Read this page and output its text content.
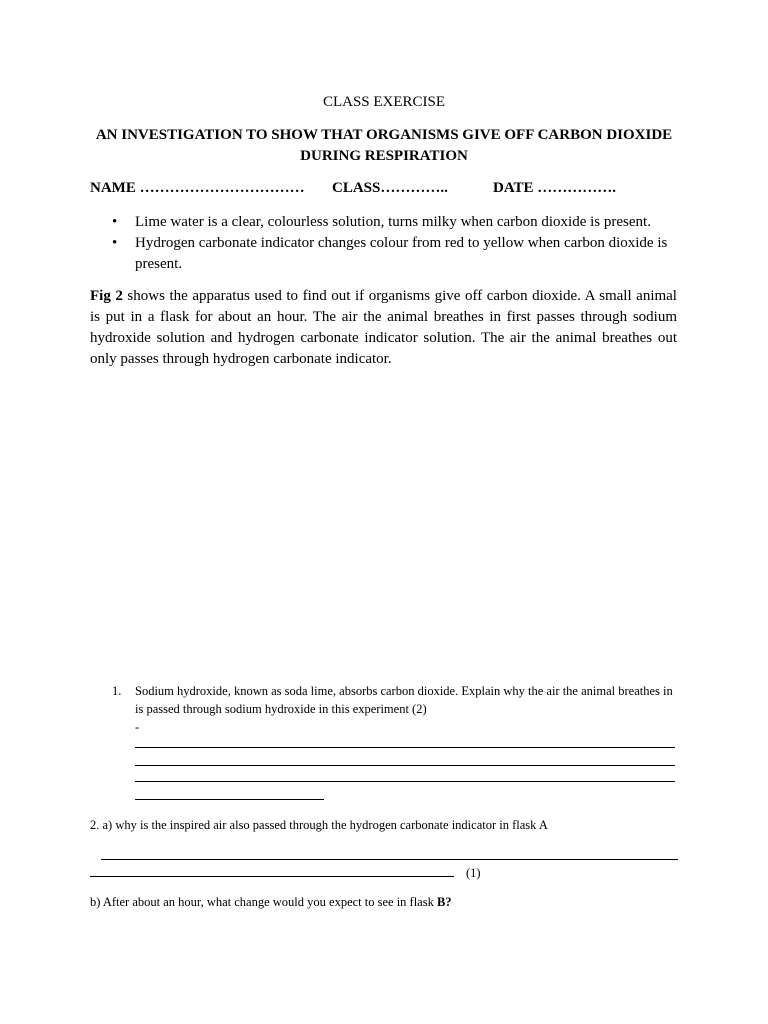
CLASS EXERCISE
AN INVESTIGATION TO SHOW THAT ORGANISMS GIVE OFF CARBON DIOXIDE
DURING RESPIRATION
NAME …………………………… CLASS…………..	DATE …………….
• Lime water is a clear, colourless solution, turns milky when carbon dioxide is present.
• Hydrogen carbonate indicator changes colour from red to yellow when carbon dioxide is present.
Fig 2 shows the apparatus used to find out if organisms give off carbon dioxide. A small animal is put in a flask for about an hour. The air the animal breathes in first passes through sodium hydroxide solution and hydrogen carbonate indicator solution. The air the animal breathes out only passes through hydrogen carbonate indicator.
1. Sodium hydroxide, known as soda lime, absorbs carbon dioxide. Explain why the air the animal breathes in is passed through sodium hydroxide in this experiment (2)
-
2. a) why is the inspired air also passed through the hydrogen carbonate indicator in flask A
(1)
b) After about an hour, what change would you expect to see in flask B?
